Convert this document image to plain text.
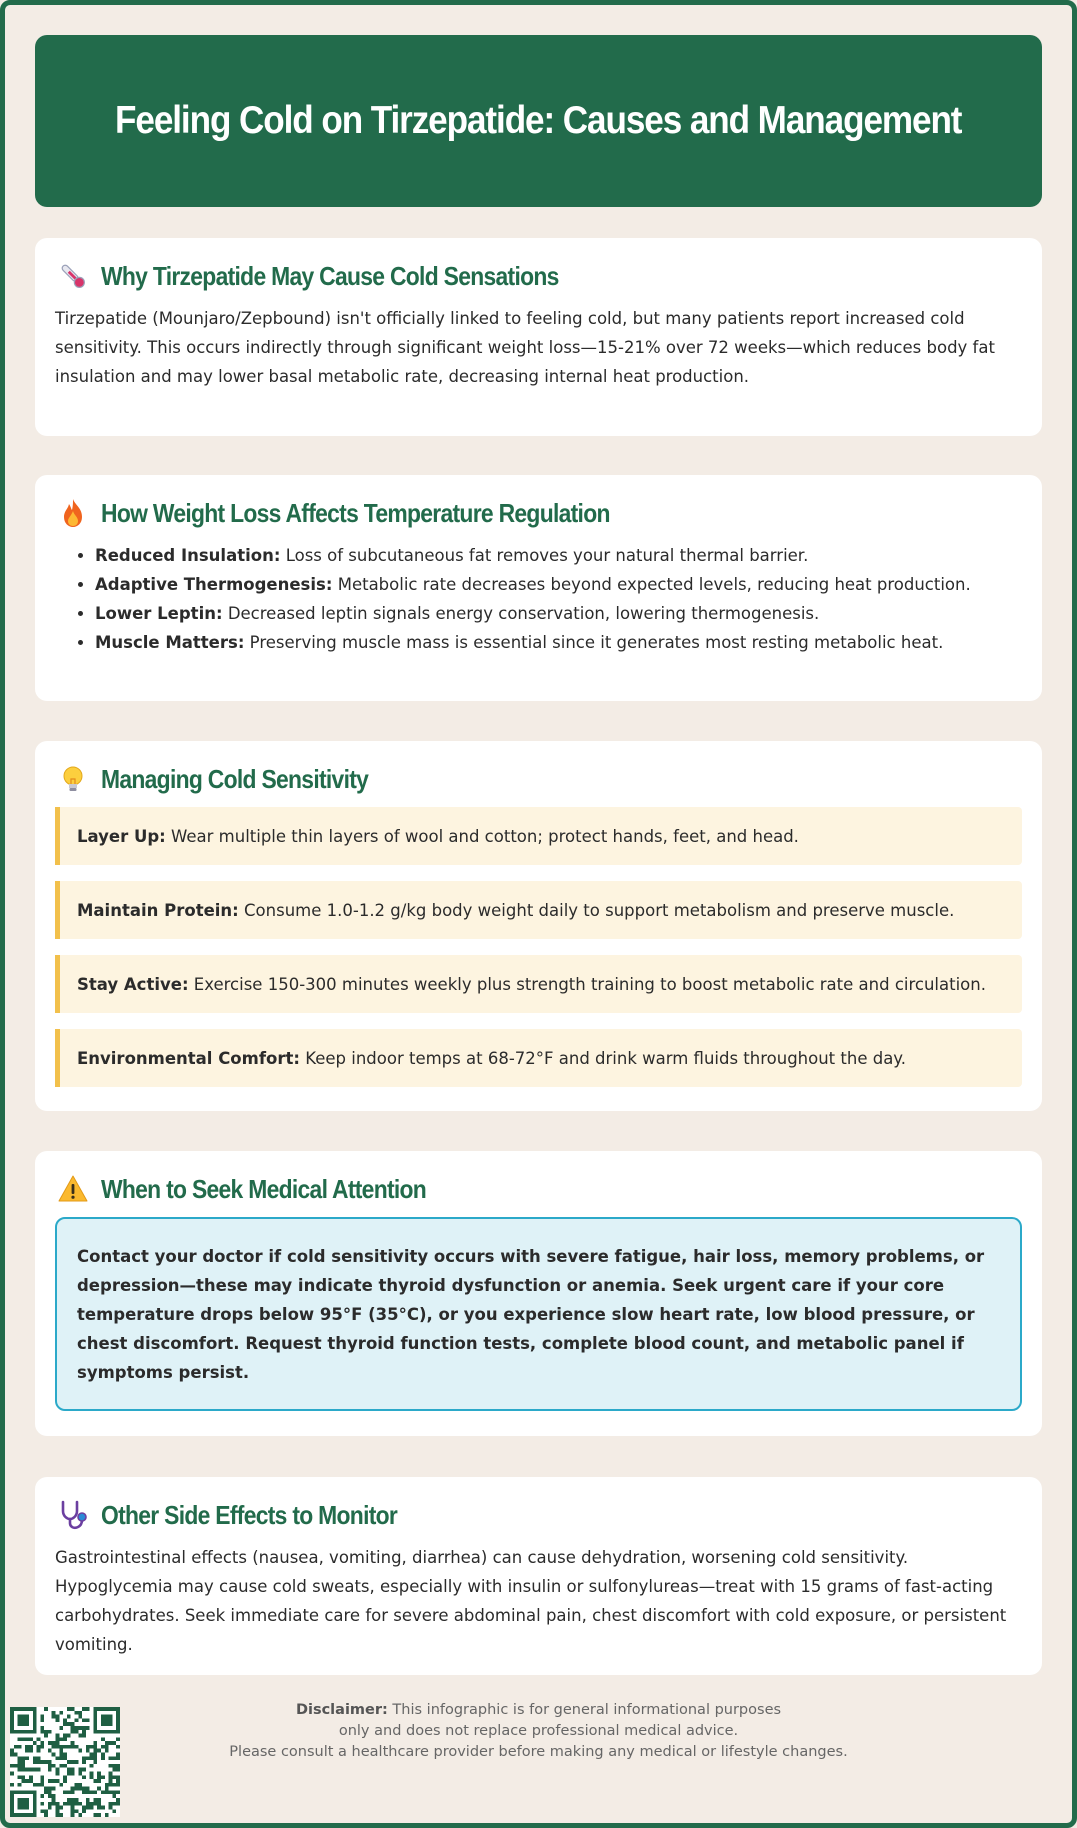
Feeling Cold on Tirzepatide: Causes and Management
Why Tirzepatide May Cause Cold Sensations

Tirzepatide (Mounjaro/Zepbound) isn't officially linked to feeling cold, but many patients report increased cold sensitivity. This occurs indirectly through significant weight loss—15-21% over 72 weeks—which reduces body fat insulation and may lower basal metabolic rate, decreasing internal heat production.

How Weight Loss Affects Temperature Regulation
• Reduced Insulation: Loss of subcutaneous fat removes your natural thermal barrier.
• Adaptive Thermogenesis: Metabolic rate decreases beyond expected levels, reducing heat production.
• Lower Leptin: Decreased leptin signals energy conservation, lowering thermogenesis.
• Muscle Matters: Preserving muscle mass is essential since it generates most resting metabolic heat.
Managing Cold Sensitivity
Layer Up: Wear multiple thin layers of wool and cotton; protect hands, feet, and head.
Maintain Protein: Consume 1.0-1.2 g/kg body weight daily to support metabolism and preserve muscle.
Stay Active: Exercise 150-300 minutes weekly plus strength training to boost metabolic rate and circulation.
Environmental Comfort: Keep indoor temps at 68-72°F and drink warm fluids throughout the day.
When to Seek Medical Attention

Contact your doctor if cold sensitivity occurs with severe fatigue, hair loss, memory problems, or depression—these may indicate thyroid dysfunction or anemia. Seek urgent care if your core temperature drops below 95°F (35°C), or you experience slow heart rate, low blood pressure, or chest discomfort. Request thyroid function tests, complete blood count, and metabolic panel if symptoms persist.

Other Side Effects to Monitor

Gastrointestinal effects (nausea, vomiting, diarrhea) can cause dehydration, worsening cold sensitivity. Hypoglycemia may cause cold sweats, especially with insulin or sulfonylureas—treat with 15 grams of fast-acting carbohydrates. Seek immediate care for severe abdominal pain, chest discomfort with cold exposure, or persistent vomiting.

Disclaimer: This infographic is for general informational purposes

only and does not replace professional medical advice.

Please consult a healthcare provider before making any medical or lifestyle changes.
